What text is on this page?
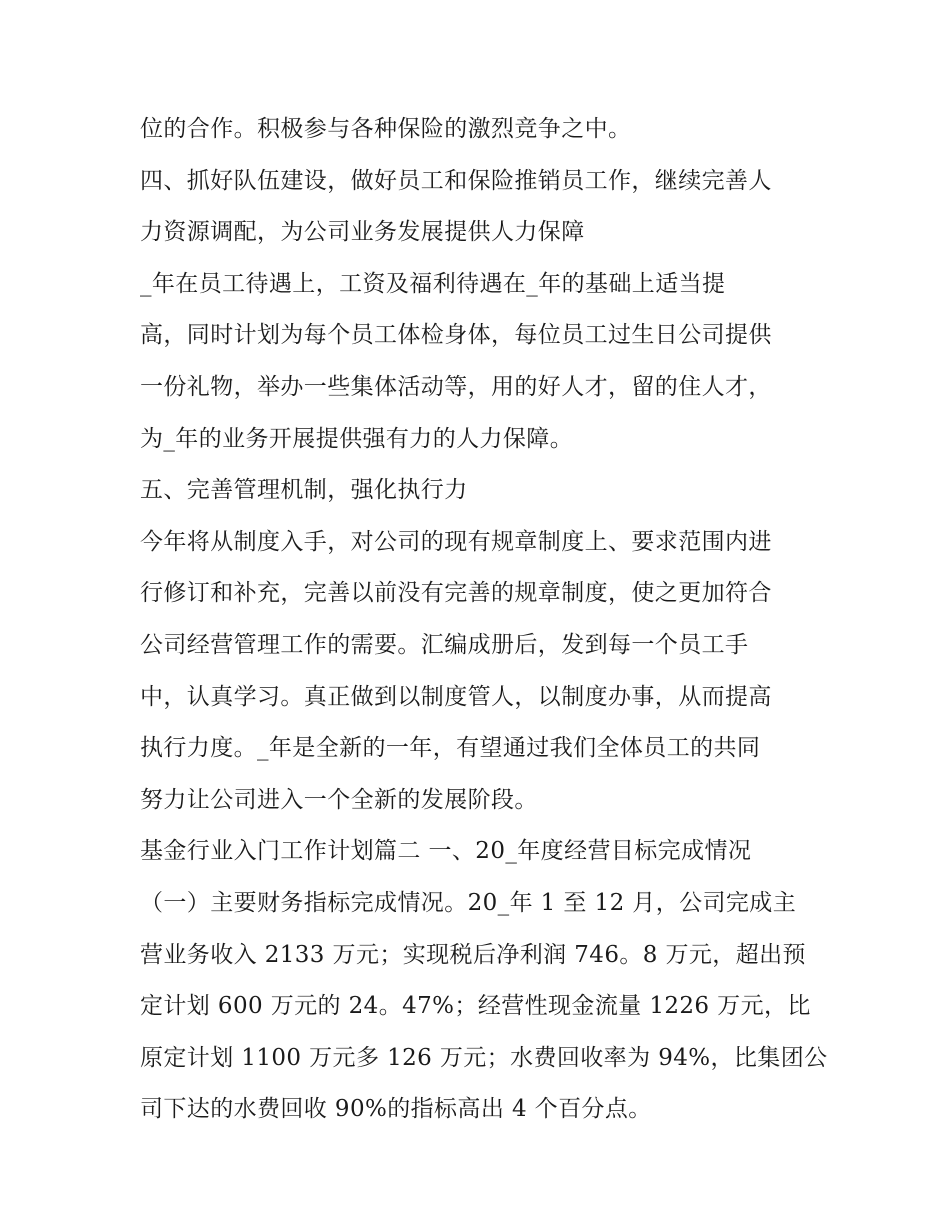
位的合作。积极参与各种保险的激烈竞争之中。
四、抓好队伍建设，做好员工和保险推销员工作，继续完善人
力资源调配，为公司业务发展提供人力保障
_年在员工待遇上，工资及福利待遇在_年的基础上适当提
高，同时计划为每个员工体检身体，每位员工过生日公司提供
一份礼物，举办一些集体活动等，用的好人才，留的住人才，
为_年的业务开展提供强有力的人力保障。
五、完善管理机制，强化执行力
今年将从制度入手，对公司的现有规章制度上、要求范围内进
行修订和补充，完善以前没有完善的规章制度，使之更加符合
公司经营管理工作的需要。汇编成册后，发到每一个员工手
中，认真学习。真正做到以制度管人，以制度办事，从而提高
执行力度。_年是全新的一年，有望通过我们全体员工的共同
努力让公司进入一个全新的发展阶段。
基金行业入门工作计划篇二 一、20_年度经营目标完成情况
（一）主要财务指标完成情况。20_年 1 至 12 月，公司完成主
营业务收入 2133 万元；实现税后净利润 746。8 万元，超出预
定计划 600 万元的 24。47%；经营性现金流量 1226 万元，比
原定计划 1100 万元多 126 万元；水费回收率为 94%，比集团公
司下达的水费回收 90%的指标高出 4 个百分点。
